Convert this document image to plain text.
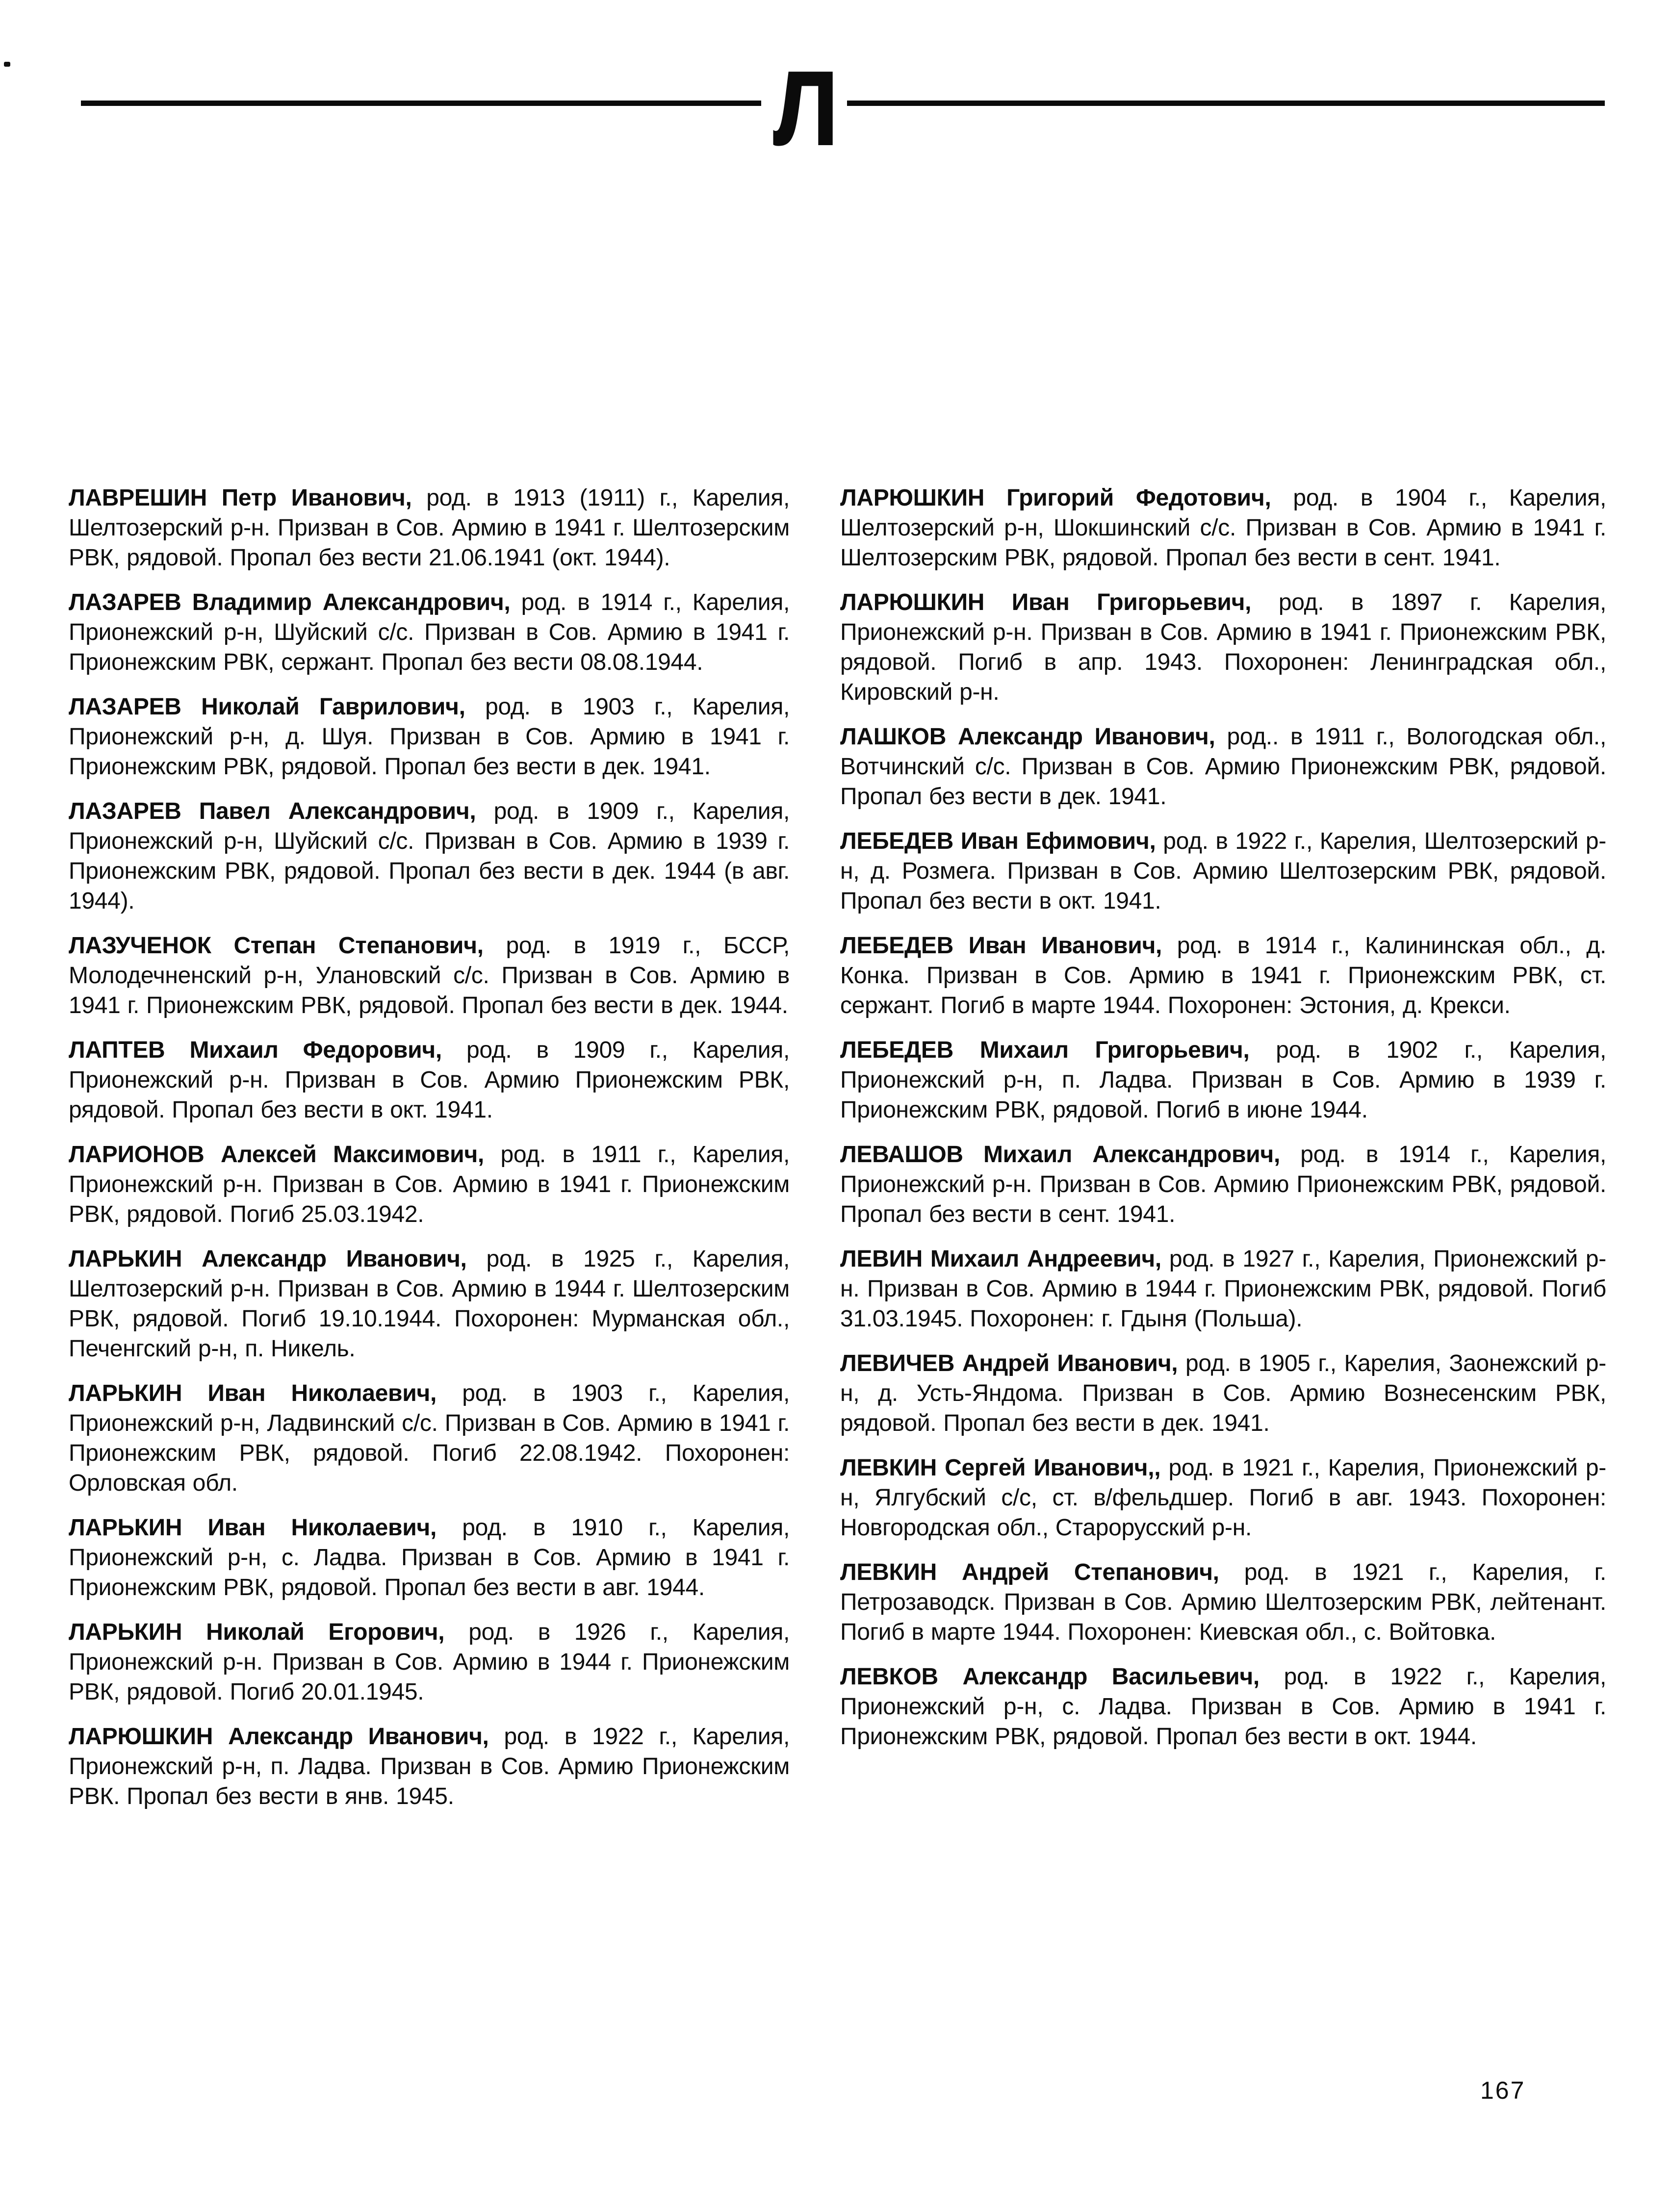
Л

ЛАВРЕШИН Петр Иванович, род. в 1913 (1911) г., Карелия, Шелтозерский р-н. Призван в Сов. Армию в 1941 г. Шелтозерским РВК, рядовой. Пропал без вести 21.06.1941 (окт. 1944).

ЛАЗАРЕВ Владимир Александрович, род. в 1914 г., Карелия, Прионежский р-н, Шуйский с/с. Призван в Сов. Армию в 1941 г. Прионежским РВК, сержант. Пропал без вести 08.08.1944.

ЛАЗАРЕВ Николай Гаврилович, род. в 1903 г., Карелия, Прионежский р-н, д. Шуя. Призван в Сов. Армию в 1941 г. Прионежским РВК, рядовой. Пропал без вести в дек. 1941.

ЛАЗАРЕВ Павел Александрович, род. в 1909 г., Карелия, Прионежский р-н, Шуйский с/с. Призван в Сов. Армию в 1939 г. Прионежским РВК, рядовой. Пропал без вести в дек. 1944 (в авг. 1944).

ЛАЗУЧЕНОК Степан Степанович, род. в 1919 г., БССР, Молодечненский р-н, Улановский с/с. Призван в Сов. Армию в 1941 г. Прионежским РВК, рядовой. Пропал без вести в дек. 1944.

ЛАПТЕВ Михаил Федорович, род. в 1909 г., Карелия, Прионежский р-н. Призван в Сов. Армию Прионежским РВК, рядовой. Пропал без вести в окт. 1941.

ЛАРИОНОВ Алексей Максимович, род. в 1911 г., Карелия, Прионежский р-н. Призван в Сов. Армию в 1941 г. Прионежским РВК, рядовой. Погиб 25.03.1942.

ЛАРЬКИН Александр Иванович, род. в 1925 г., Карелия, Шелтозерский р-н. Призван в Сов. Армию в 1944 г. Шелтозерским РВК, рядовой. Погиб 19.10.1944. Похоронен: Мурманская обл., Печенгский р-н, п. Никель.

ЛАРЬКИН Иван Николаевич, род. в 1903 г., Карелия, Прионежский р-н, Ладвинский с/с. Призван в Сов. Армию в 1941 г. Прионежским РВК, рядовой. Погиб 22.08.1942. Похоронен: Орловская обл.

ЛАРЬКИН Иван Николаевич, род. в 1910 г., Карелия, Прионежский р-н, с. Ладва. Призван в Сов. Армию в 1941 г. Прионежским РВК, рядовой. Пропал без вести в авг. 1944.

ЛАРЬКИН Николай Егорович, род. в 1926 г., Карелия, Прионежский р-н. Призван в Сов. Армию в 1944 г. Прионежским РВК, рядовой. Погиб 20.01.1945.

ЛАРЮШКИН Александр Иванович, род. в 1922 г., Карелия, Прионежский р-н, п. Ладва. Призван в Сов. Армию Прионежским РВК. Пропал без вести в янв. 1945.

ЛАРЮШКИН Григорий Федотович, род. в 1904 г., Карелия, Шелтозерский р-н, Шокшинский с/с. Призван в Сов. Армию в 1941 г. Шелтозерским РВК, рядовой. Пропал без вести в сент. 1941.

ЛАРЮШКИН Иван Григорьевич, род. в 1897 г. Карелия, Прионежский р-н. Призван в Сов. Армию в 1941 г. Прионежским РВК, рядовой. Погиб в апр. 1943. Похоронен: Ленинградская обл., Кировский р-н.

ЛАШКОВ Александр Иванович, род.. в 1911 г., Вологодская обл., Вотчинский с/с. Призван в Сов. Армию Прионежским РВК, рядовой. Пропал без вести в дек. 1941.

ЛЕБЕДЕВ Иван Ефимович, род. в 1922 г., Карелия, Шелтозерский р-н, д. Розмега. Призван в Сов. Армию Шелтозерским РВК, рядовой. Пропал без вести в окт. 1941.

ЛЕБЕДЕВ Иван Иванович, род. в 1914 г., Калининская обл., д. Конка. Призван в Сов. Армию в 1941 г. Прионежским РВК, ст. сержант. Погиб в марте 1944. Похоронен: Эстония, д. Крекси.

ЛЕБЕДЕВ Михаил Григорьевич, род. в 1902 г., Карелия, Прионежский р-н, п. Ладва. Призван в Сов. Армию в 1939 г. Прионежским РВК, рядовой. Погиб в июне 1944.

ЛЕВАШОВ Михаил Александрович, род. в 1914 г., Карелия, Прионежский р-н. Призван в Сов. Армию Прионежским РВК, рядовой. Пропал без вести в сент. 1941.

ЛЕВИН Михаил Андреевич, род. в 1927 г., Карелия, Прионежский р-н. Призван в Сов. Армию в 1944 г. Прионежским РВК, рядовой. Погиб 31.03.1945. Похоронен: г. Гдыня (Польша).

ЛЕВИЧЕВ Андрей Иванович, род. в 1905 г., Карелия, Заонежский р-н, д. Усть-Яндома. Призван в Сов. Армию Вознесенским РВК, рядовой. Пропал без вести в дек. 1941.

ЛЕВКИН Сергей Иванович,, род. в 1921 г., Карелия, Прионежский р-н, Ялгубский с/с, ст. в/фельдшер. Погиб в авг. 1943. Похоронен: Новгородская обл., Старорусский р-н.

ЛЕВКИН Андрей Степанович, род. в 1921 г., Карелия, г. Петрозаводск. Призван в Сов. Армию Шелтозерским РВК, лейтенант. Погиб в марте 1944. Похоронен: Киевская обл., с. Войтовка.

ЛЕВКОВ Александр Васильевич, род. в 1922 г., Карелия, Прионежский р-н, с. Ладва. Призван в Сов. Армию в 1941 г. Прионежским РВК, рядовой. Пропал без вести в окт. 1944.

167
